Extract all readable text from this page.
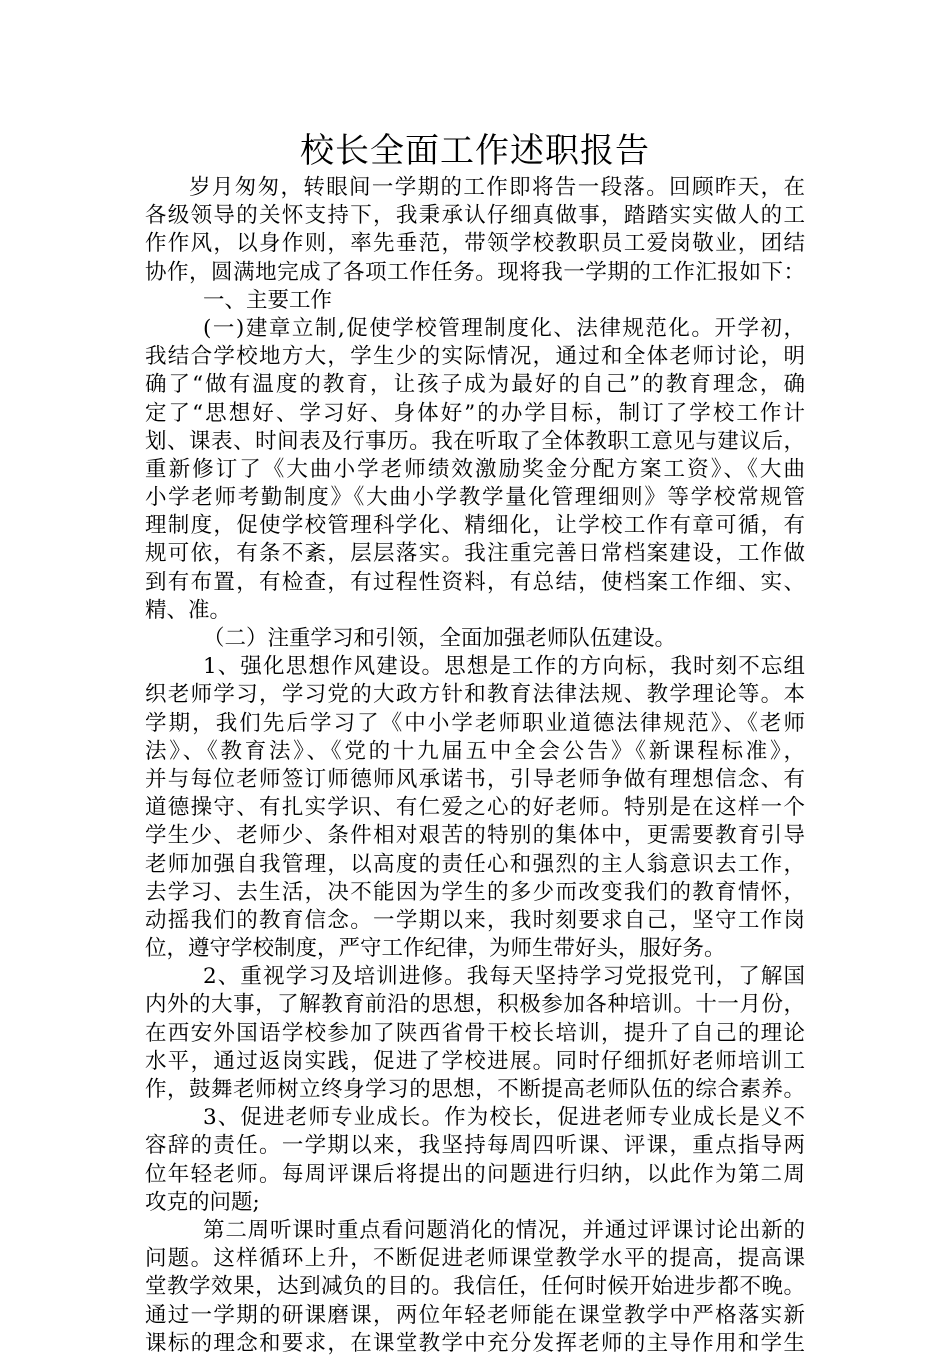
校长全面工作述职报告
岁月匆匆，转眼间一学期的工作即将告一段落。回顾昨天，在
各级领导的关怀支持下，我秉承认仔细真做事，踏踏实实做人的工
作作风，以身作则，率先垂范，带领学校教职员工爱岗敬业，团结
协作，圆满地完成了各项工作任务。现将我一学期的工作汇报如下：
一、主要工作
(一)建章立制,促使学校管理制度化、法律规范化。开学初，
我结合学校地方大，学生少的实际情况，通过和全体老师讨论，明
确了“做有温度的教育，让孩子成为最好的自己”的教育理念，确
定了“思想好、学习好、身体好”的办学目标，制订了学校工作计
划、课表、时间表及行事历。我在听取了全体教职工意见与建议后，
重新修订了《大曲小学老师绩效激励奖金分配方案工资》、《大曲
小学老师考勤制度》《大曲小学教学量化管理细则》等学校常规管
理制度，促使学校管理科学化、精细化，让学校工作有章可循，有
规可依，有条不紊，层层落实。我注重完善日常档案建设，工作做
到有布置，有检查，有过程性资料，有总结，使档案工作细、实、
精、准。
（二）注重学习和引领，全面加强老师队伍建设。
1、强化思想作风建设。思想是工作的方向标，我时刻不忘组
织老师学习，学习党的大政方针和教育法律法规、教学理论等。本
学期，我们先后学习了《中小学老师职业道德法律规范》、《老师
法》、《教育法》、《党的十九届五中全会公告》《新课程标准》，
并与每位老师签订师德师风承诺书，引导老师争做有理想信念、有
道德操守、有扎实学识、有仁爱之心的好老师。特别是在这样一个
学生少、老师少、条件相对艰苦的特别的集体中，更需要教育引导
老师加强自我管理，以高度的责任心和强烈的主人翁意识去工作，
去学习、去生活，决不能因为学生的多少而改变我们的教育情怀，
动摇我们的教育信念。一学期以来，我时刻要求自己，坚守工作岗
位，遵守学校制度，严守工作纪律，为师生带好头，服好务。
2、重视学习及培训进修。我每天坚持学习党报党刊，了解国
内外的大事，了解教育前沿的思想，积极参加各种培训。十一月份，
在西安外国语学校参加了陕西省骨干校长培训，提升了自己的理论
水平，通过返岗实践，促进了学校进展。同时仔细抓好老师培训工
作，鼓舞老师树立终身学习的思想，不断提高老师队伍的综合素养。
3、促进老师专业成长。作为校长，促进老师专业成长是义不
容辞的责任。一学期以来，我坚持每周四听课、评课，重点指导两
位年轻老师。每周评课后将提出的问题进行归纳，以此作为第二周
攻克的问题;
第二周听课时重点看问题消化的情况，并通过评课讨论出新的
问题。这样循环上升，不断促进老师课堂教学水平的提高，提高课
堂教学效果，达到减负的目的。我信任，任何时候开始进步都不晚。
通过一学期的研课磨课，两位年轻老师能在课堂教学中严格落实新
课标的理念和要求，在课堂教学中充分发挥老师的主导作用和学生
